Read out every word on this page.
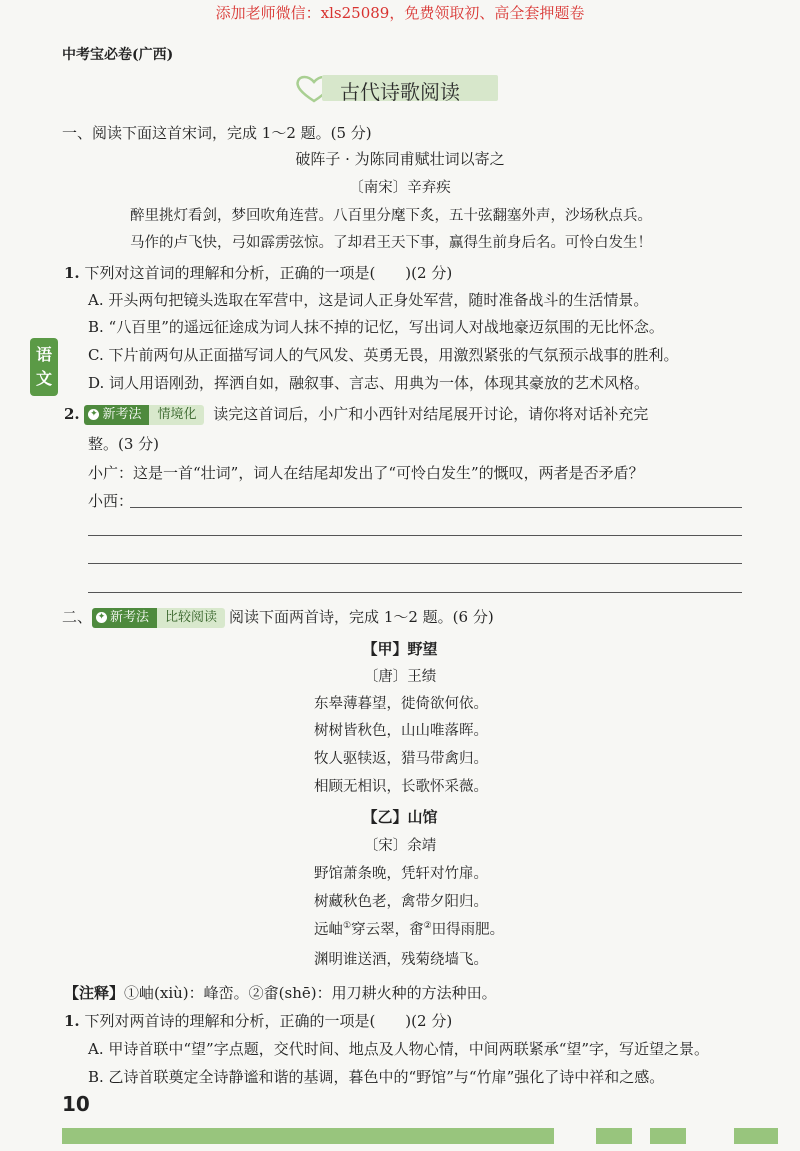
添加老师微信：xls25089，免费领取初、高全套押题卷
中考宝必卷(广西)
古代诗歌阅读
语
文
一、阅读下面这首宋词，完成 1～2 题。(5 分)
破阵子 · 为陈同甫赋壮词以寄之
〔南宋〕辛弃疾
醉里挑灯看剑，梦回吹角连营。八百里分麾下炙，五十弦翻塞外声，沙场秋点兵。
马作的卢飞快，弓如霹雳弦惊。了却君王天下事，赢得生前身后名。可怜白发生！
1. 下列对这首词的理解和分析，正确的一项是(　　)(2 分)
A. 开头两句把镜头选取在军营中，这是词人正身处军营，随时准备战斗的生活情景。
B. “八百里”的遥远征途成为词人抹不掉的记忆，写出词人对战地豪迈氛围的无比怀念。
C. 下片前两句从正面描写词人的气风发、英勇无畏，用激烈紧张的气氛预示战事的胜利。
D. 词人用语刚劲，挥洒自如，融叙事、言志、用典为一体，体现其豪放的艺术风格。
2. ✦ 新考法 情境化 读完这首词后，小广和小西针对结尾展开讨论，请你将对话补充完
整。(3 分)
小广：这是一首“壮词”，词人在结尾却发出了“可怜白发生”的慨叹，两者是否矛盾？
小西：
二、 ✦ 新考法 比较阅读 阅读下面两首诗，完成 1～2 题。(6 分)
【甲】野望
〔唐〕王绩
东皋薄暮望，徙倚欲何依。
树树皆秋色，山山唯落晖。
牧人驱犊返，猎马带禽归。
相顾无相识，长歌怀采薇。
【乙】山馆
〔宋〕余靖
野馆萧条晚，凭轩对竹扉。
树藏秋色老，禽带夕阳归。
远岫①穿云翠，畬②田得雨肥。
渊明谁送酒，残菊绕墙飞。
【注释】①岫(xiù)：峰峦。②畬(shē)：用刀耕火种的方法种田。
1. 下列对两首诗的理解和分析，正确的一项是(　　)(2 分)
A. 甲诗首联中“望”字点题，交代时间、地点及人物心情，中间两联紧承“望”字，写近望之景。
B. 乙诗首联奠定全诗静谧和谐的基调，暮色中的“野馆”与“竹扉”强化了诗中祥和之感。
10
